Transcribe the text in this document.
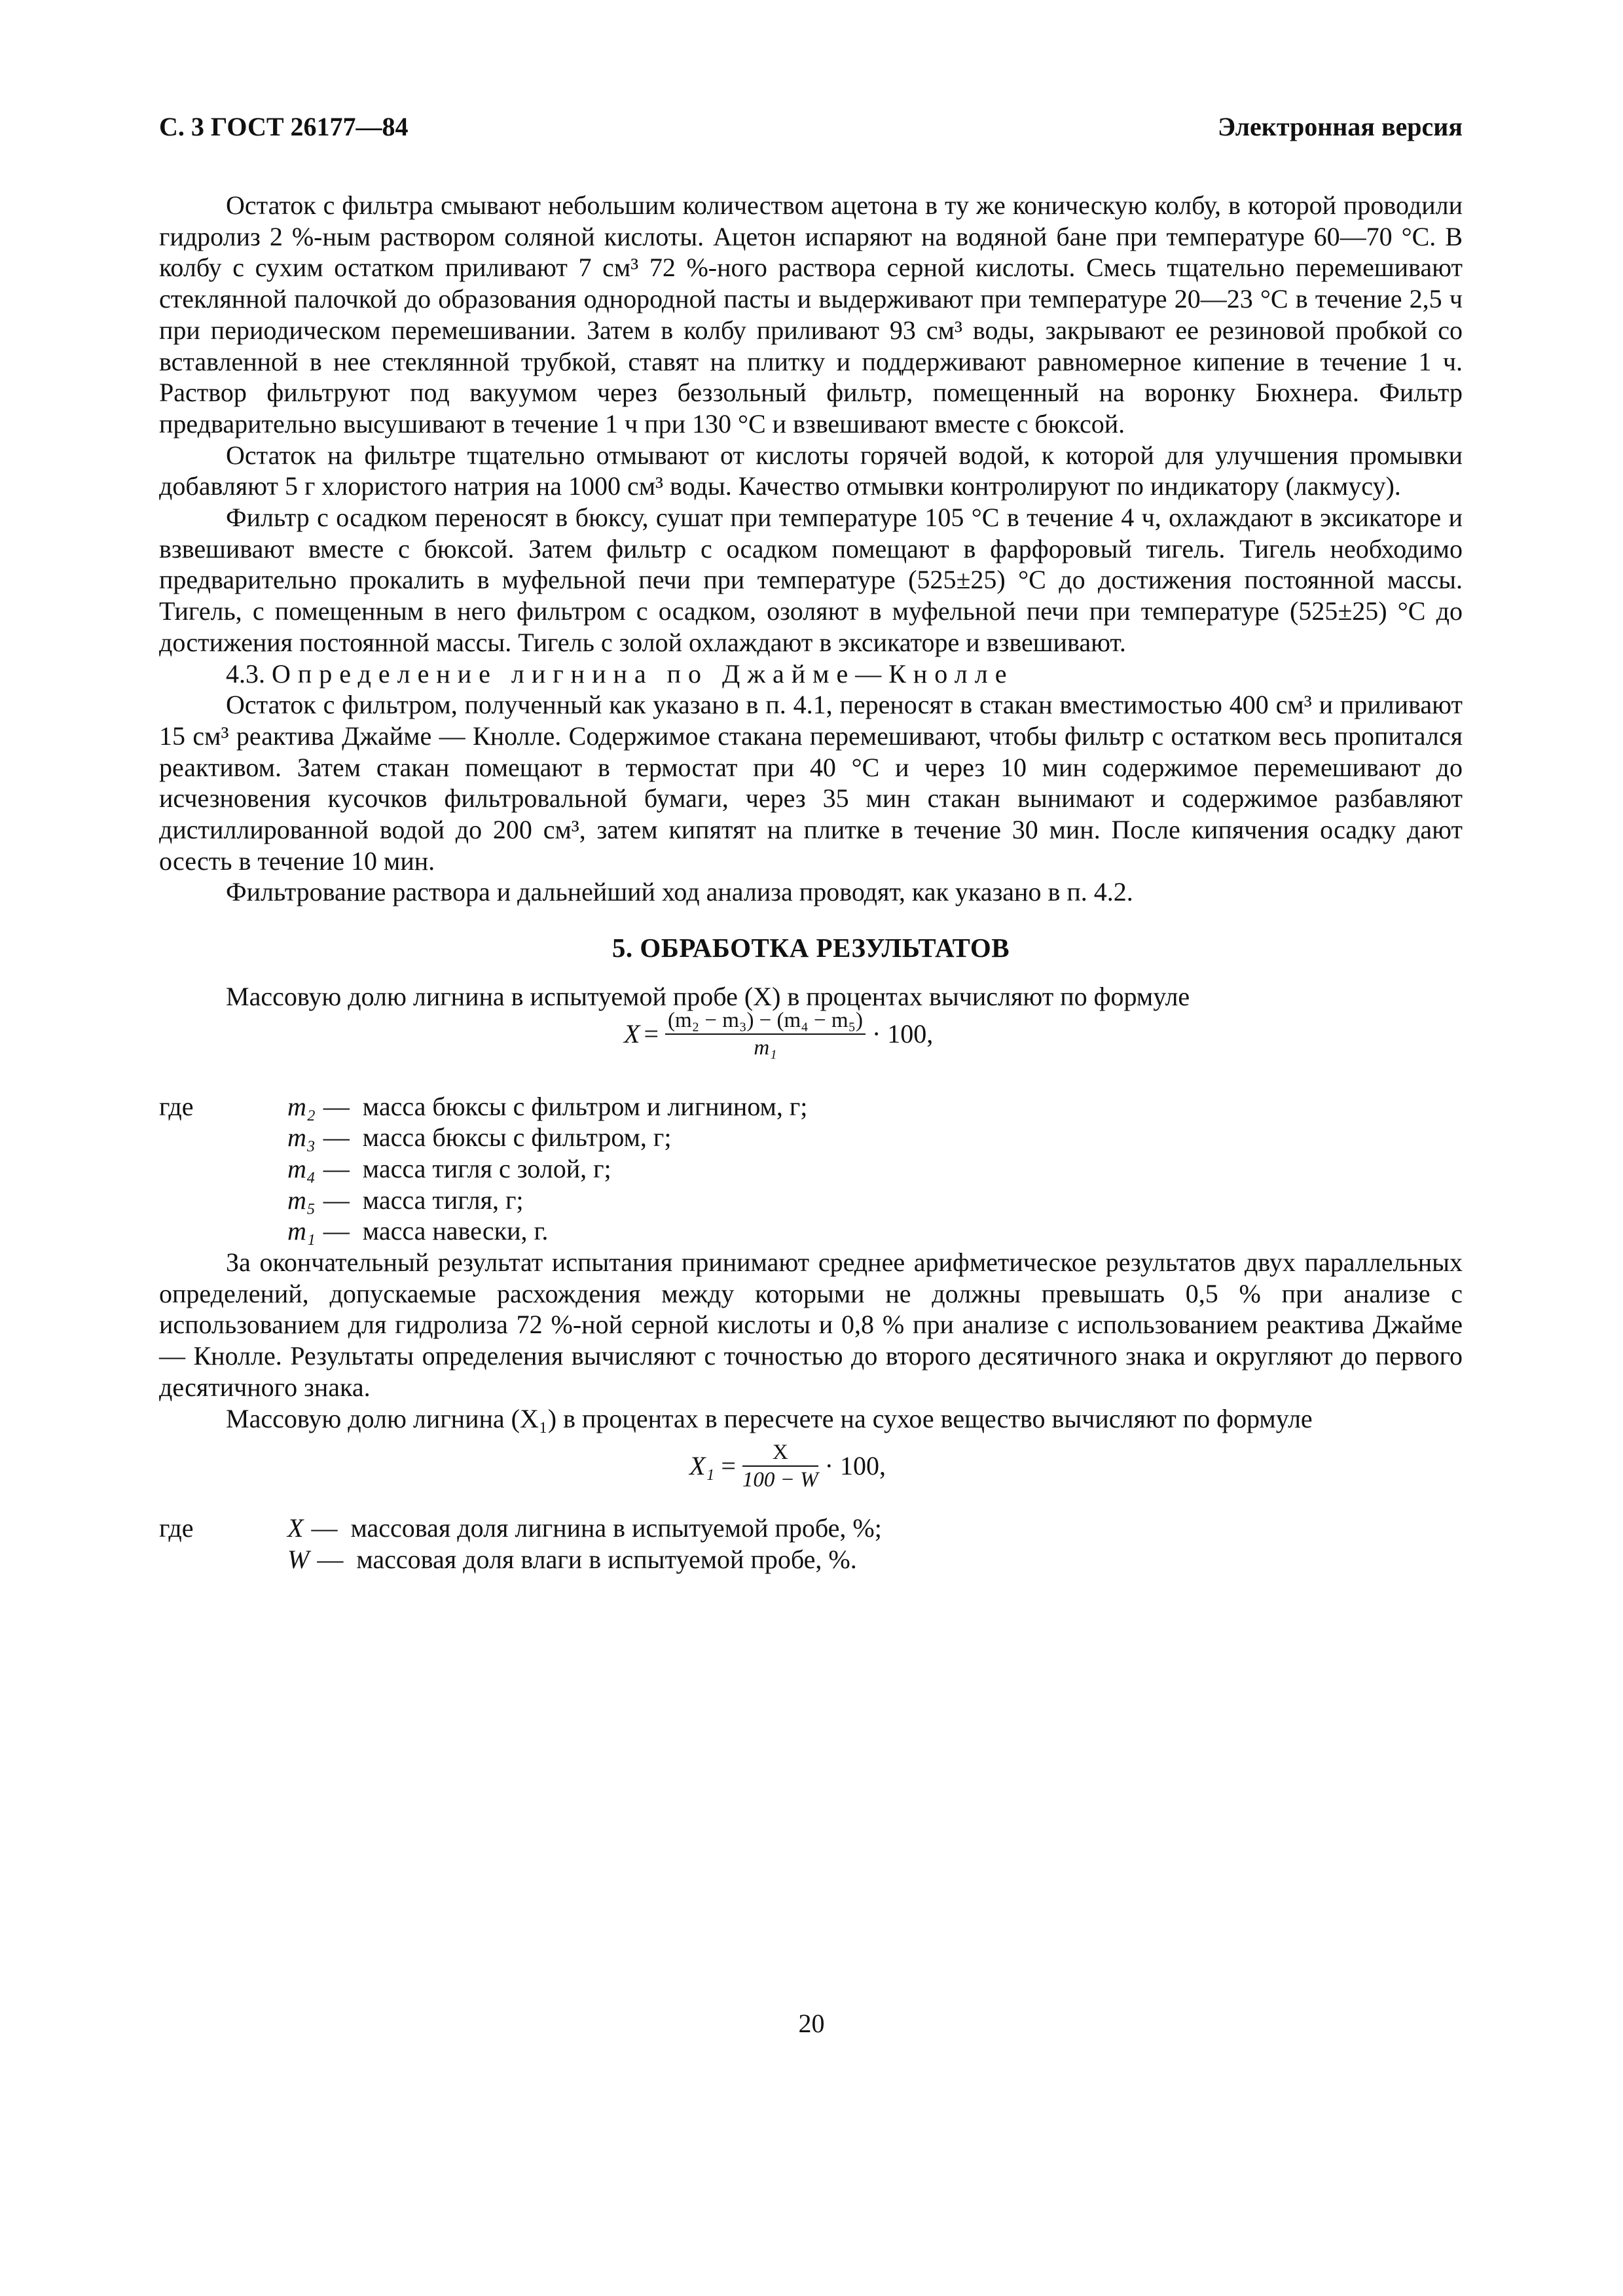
С. 3 ГОСТ 26177—84	Электронная версия

Остаток с фильтра смывают небольшим количеством ацетона в ту же коническую колбу, в которой проводили гидролиз 2 %-ным раствором соляной кислоты. Ацетон испаряют на водяной бане при температуре 60—70 °С. В колбу с сухим остатком приливают 7 см³ 72 %-ного раствора серной кислоты. Смесь тщательно перемешивают стеклянной палочкой до образования однородной пасты и выдерживают при температуре 20—23 °С в течение 2,5 ч при периодическом перемешивании. Затем в колбу приливают 93 см³ воды, закрывают ее резиновой пробкой со вставленной в нее стеклянной трубкой, ставят на плитку и поддерживают равномерное кипение в течение 1 ч. Раствор фильтруют под вакуумом через беззольный фильтр, помещенный на воронку Бюхнера. Фильтр предварительно высушивают в течение 1 ч при 130 °С и взвешивают вместе с бюксой.

Остаток на фильтре тщательно отмывают от кислоты горячей водой, к которой для улучшения промывки добавляют 5 г хлористого натрия на 1000 см³ воды. Качество отмывки контролируют по индикатору (лакмусу).

Фильтр с осадком переносят в бюксу, сушат при температуре 105 °С в течение 4 ч, охлаждают в эксикаторе и взвешивают вместе с бюксой. Затем фильтр с осадком помещают в фарфоровый тигель. Тигель необходимо предварительно прокалить в муфельной печи при температуре (525±25) °С до достижения постоянной массы. Тигель, с помещенным в него фильтром с осадком, озоляют в муфельной печи при температуре (525±25) °С до достижения постоянной массы. Тигель с золой охлаждают в эксикаторе и взвешивают.

4.3. Определение лигнина по Джайме—Кнолле

Остаток с фильтром, полученный как указано в п. 4.1, переносят в стакан вместимостью 400 см³ и приливают 15 см³ реактива Джайме — Кнолле. Содержимое стакана перемешивают, чтобы фильтр с остатком весь пропитался реактивом. Затем стакан помещают в термостат при 40 °С и через 10 мин содержимое перемешивают до исчезновения кусочков фильтровальной бумаги, через 35 мин стакан вынимают и содержимое разбавляют дистиллированной водой до 200 см³, затем кипятят на плитке в течение 30 мин. После кипячения осадку дают осесть в течение 10 мин.

Фильтрование раствора и дальнейший ход анализа проводят, как указано в п. 4.2.

5. ОБРАБОТКА РЕЗУЛЬТАТОВ

Массовую долю лигнина в испытуемой пробе (X) в процентах вычисляют по формуле

$X = \frac{\text{(m₂ − m₃) − (m₄ − m₅)}}{\text{m₁}} \cdot 100$,
где	m₂ — масса бюксы с фильтром и лигнином, г;
m₃ — масса бюксы с фильтром, г;
m₄ — масса тигля с золой, г;
m₅ — масса тигля, г;
m₁ — масса навески, г.

За окончательный результат испытания принимают среднее арифметическое результатов двух параллельных определений, допускаемые расхождения между которыми не должны превышать 0,5 % при анализе с использованием для гидролиза 72 %-ной серной кислоты и 0,8 % при анализе с использованием реактива Джайме — Кнолле. Результаты определения вычисляют с точностью до второго десятичного знака и округляют до первого десятичного знака.

Массовую долю лигнина (X₁) в процентах в пересчете на сухое вещество вычисляют по формуле

$X_1 = \frac{X}{100 - W} \cdot 100$,
где	X — массовая доля лигнина в испытуемой пробе, %;
W — массовая доля влаги в испытуемой пробе, %.
20
